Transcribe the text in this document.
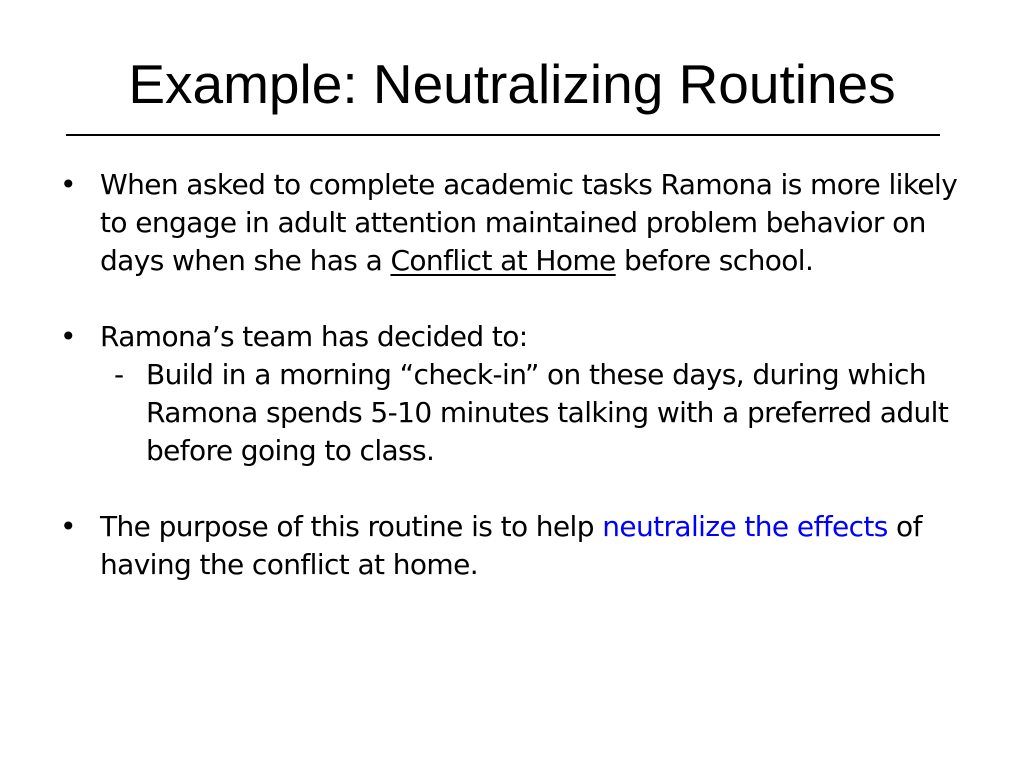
Example: Neutralizing Routines
• When asked to complete academic tasks Ramona is more likely to engage in adult attention maintained problem behavior on days when she has a Conflict at Home before school.
• Ramona’s team has decided to:
- Build in a morning “check-in” on these days, during which Ramona spends 5-10 minutes talking with a preferred adult before going to class.
• The purpose of this routine is to help neutralize the effects of having the conflict at home.
